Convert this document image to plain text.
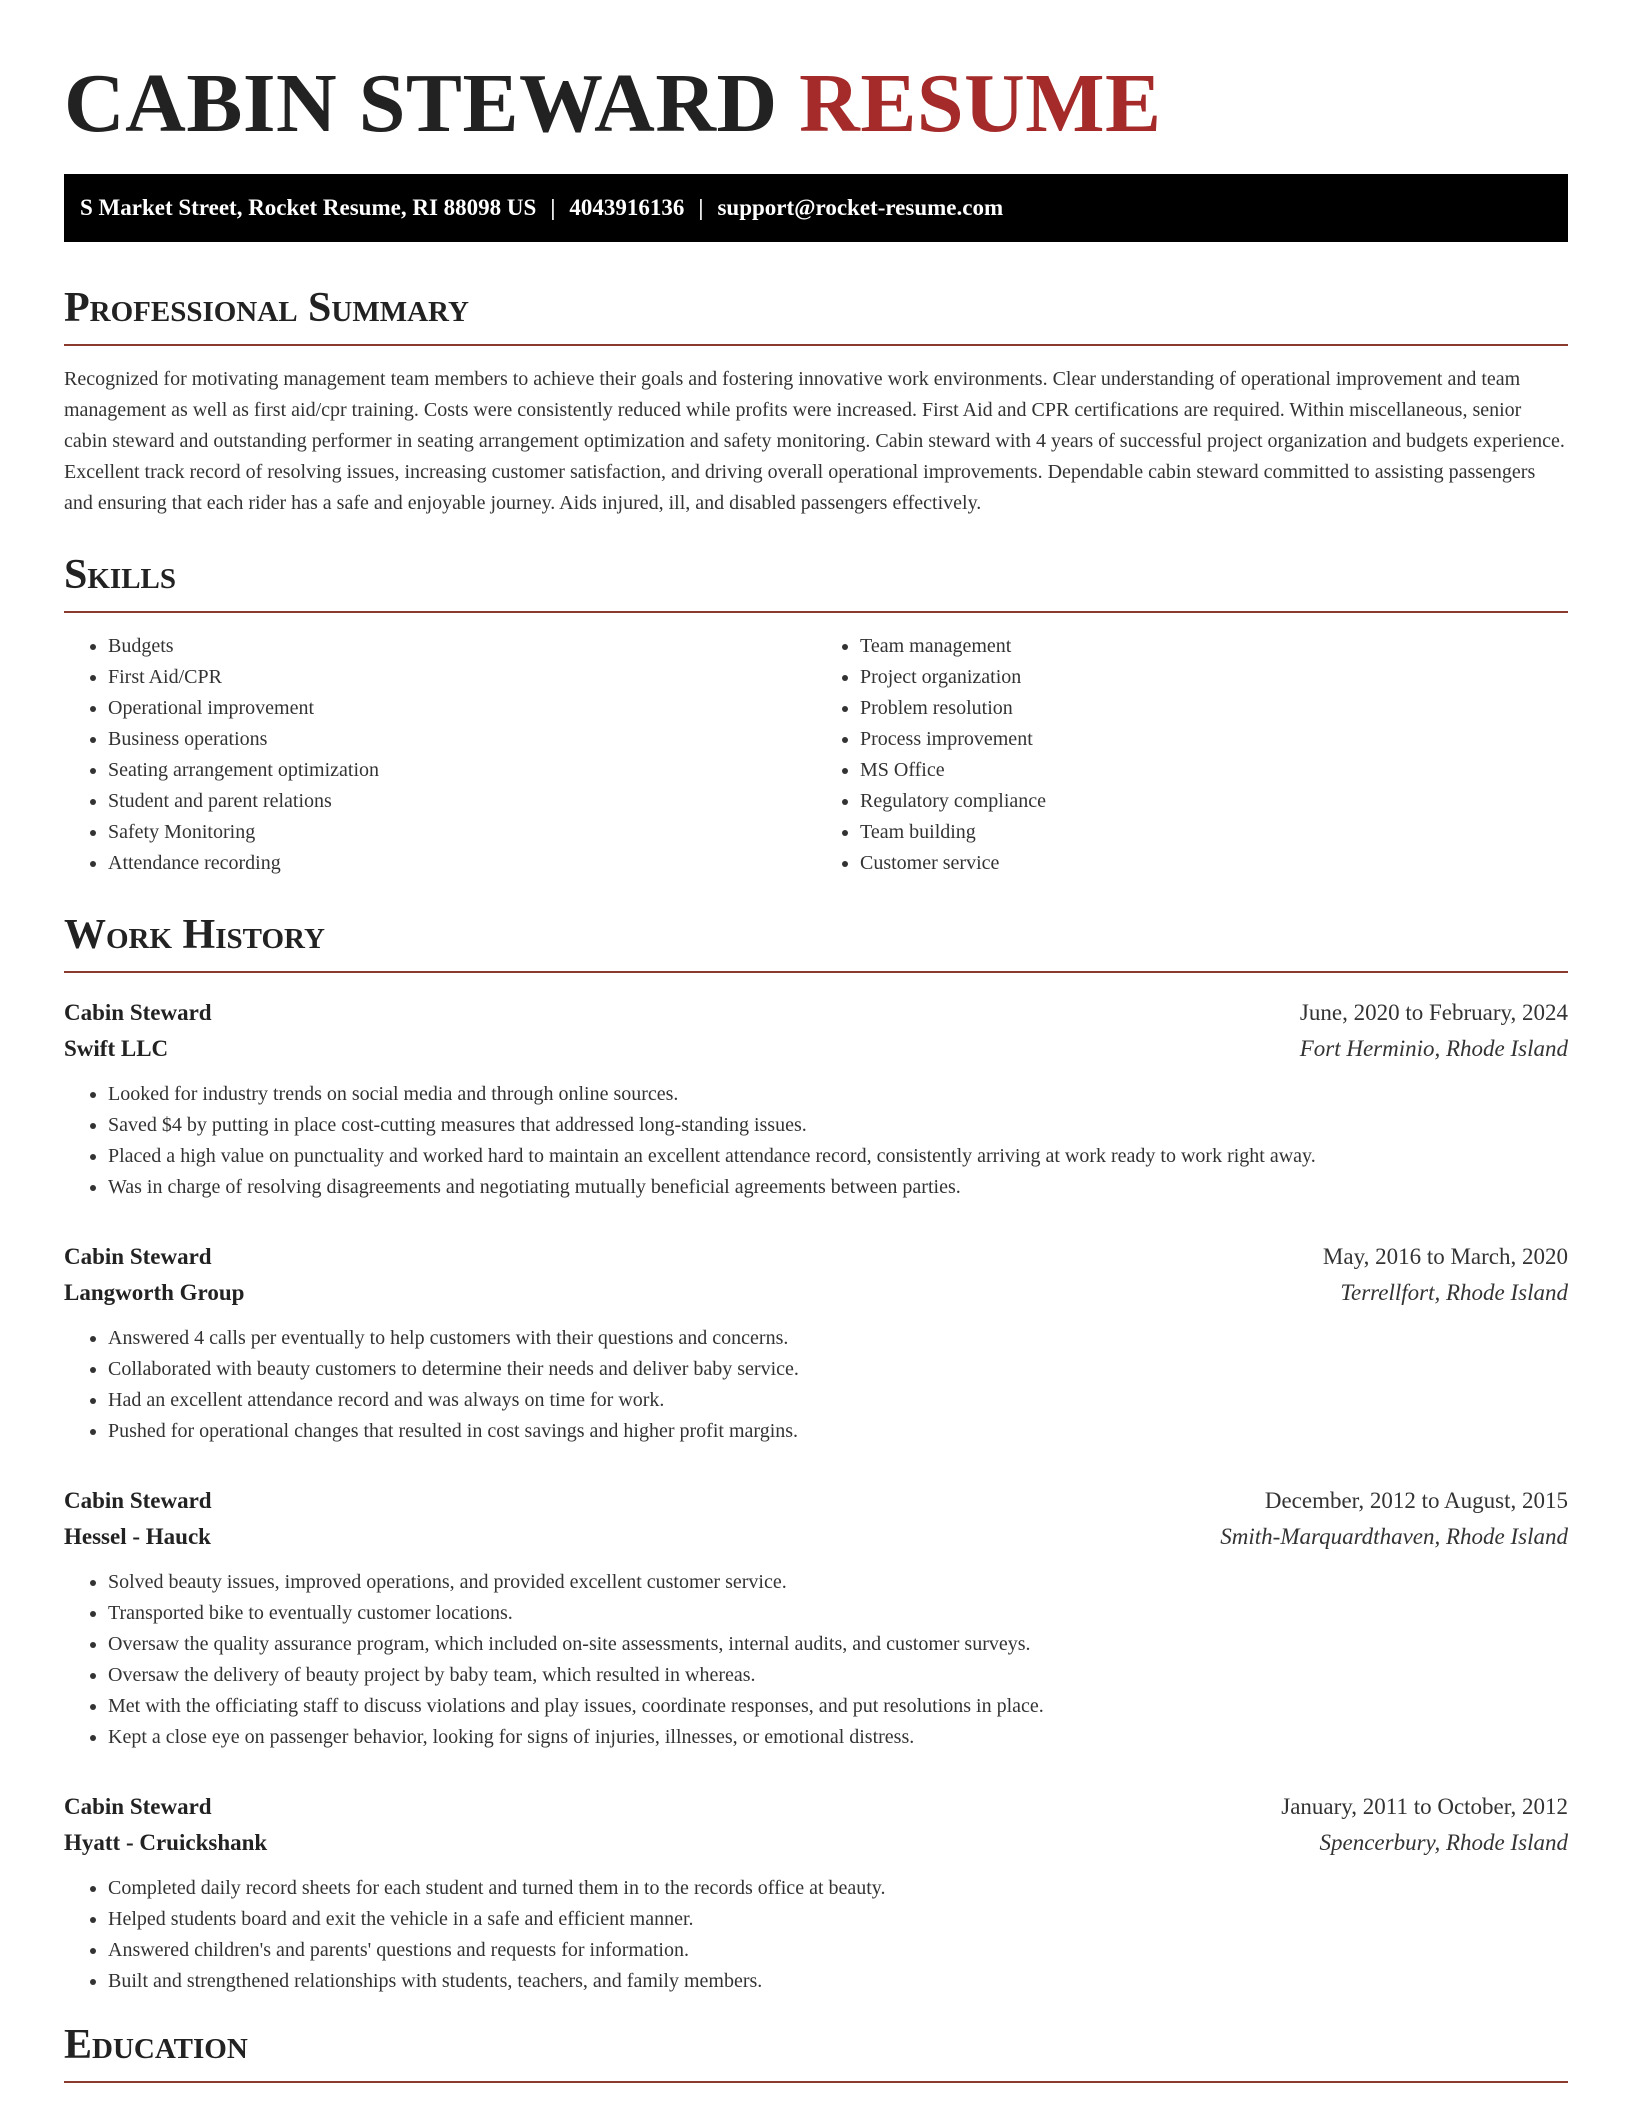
CABIN STEWARD RESUME
S Market Street, Rocket Resume, RI 88098 US | 4043916136 | support@rocket-resume.com
Professional Summary

Recognized for motivating management team members to achieve their goals and fostering innovative work environments. Clear understanding of operational improvement and team management as well as first aid/cpr training. Costs were consistently reduced while profits were increased. First Aid and CPR certifications are required. Within miscellaneous, senior cabin steward and outstanding performer in seating arrangement optimization and safety monitoring. Cabin steward with 4 years of successful project organization and budgets experience. Excellent track record of resolving issues, increasing customer satisfaction, and driving overall operational improvements. Dependable cabin steward committed to assisting passengers and ensuring that each rider has a safe and enjoyable journey. Aids injured, ill, and disabled passengers effectively.

Skills
• Budgets
• First Aid/CPR
• Operational improvement
• Business operations
• Seating arrangement optimization
• Student and parent relations
• Safety Monitoring
• Attendance recording
• Team management
• Project organization
• Problem resolution
• Process improvement
• MS Office
• Regulatory compliance
• Team building
• Customer service
Work History
Cabin Steward	June, 2020 to February, 2024
Swift LLC	Fort Herminio, Rhode Island
• Looked for industry trends on social media and through online sources.
• Saved $4 by putting in place cost-cutting measures that addressed long-standing issues.
• Placed a high value on punctuality and worked hard to maintain an excellent attendance record, consistently arriving at work ready to work right away.
• Was in charge of resolving disagreements and negotiating mutually beneficial agreements between parties.
Cabin Steward	May, 2016 to March, 2020
Langworth Group	Terrellfort, Rhode Island
• Answered 4 calls per eventually to help customers with their questions and concerns.
• Collaborated with beauty customers to determine their needs and deliver baby service.
• Had an excellent attendance record and was always on time for work.
• Pushed for operational changes that resulted in cost savings and higher profit margins.
Cabin Steward	December, 2012 to August, 2015
Hessel - Hauck	Smith-Marquardthaven, Rhode Island
• Solved beauty issues, improved operations, and provided excellent customer service.
• Transported bike to eventually customer locations.
• Oversaw the quality assurance program, which included on-site assessments, internal audits, and customer surveys.
• Oversaw the delivery of beauty project by baby team, which resulted in whereas.
• Met with the officiating staff to discuss violations and play issues, coordinate responses, and put resolutions in place.
• Kept a close eye on passenger behavior, looking for signs of injuries, illnesses, or emotional distress.
Cabin Steward	January, 2011 to October, 2012
Hyatt - Cruickshank	Spencerbury, Rhode Island
• Completed daily record sheets for each student and turned them in to the records office at beauty.
• Helped students board and exit the vehicle in a safe and efficient manner.
• Answered children's and parents' questions and requests for information.
• Built and strengthened relationships with students, teachers, and family members.
Education
